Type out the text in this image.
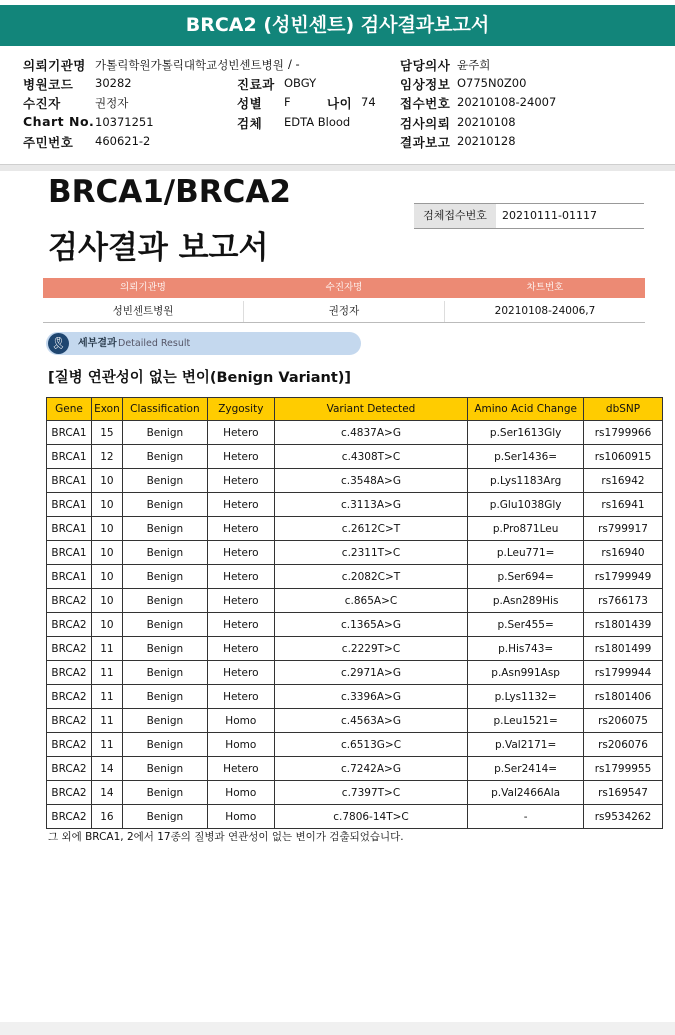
BRCA2 (성빈센트) 검사결과보고서
의뢰기관명 가톨릭학원가톨릭대학교성빈센트병원 / -
병원코드 30282
수진자	권정자
Chart No. 10371251
주민번호 460621-2
진료과 OBGY
성별 F	나이 74
검체 EDTA Blood
담당의사 윤주희
임상정보 O775N0Z00
접수번호 20210108-24007
검사의뢰 20210108
결과보고 20210128
BRCA1/BRCA2
검사결과 보고서
검체접수번호	20210111-01117
의뢰기관명	수진자명	차트번호
성빈센트병원	권정자	20210108-24006,7
🎗︎ 세부결과 Detailed Result
[질병 연관성이 없는 변이(Benign Variant)]
Gene	Exon	Classification	Zygosity	Variant Detected	Amino Acid Change	dbSNP
BRCA1	15	Benign	Hetero	c.4837A>G	p.Ser1613Gly	rs1799966
BRCA1	12	Benign	Hetero	c.4308T>C	p.Ser1436=	rs1060915
BRCA1	10	Benign	Hetero	c.3548A>G	p.Lys1183Arg	rs16942
BRCA1	10	Benign	Hetero	c.3113A>G	p.Glu1038Gly	rs16941
BRCA1	10	Benign	Hetero	c.2612C>T	p.Pro871Leu	rs799917
BRCA1	10	Benign	Hetero	c.2311T>C	p.Leu771=	rs16940
BRCA1	10	Benign	Hetero	c.2082C>T	p.Ser694=	rs1799949
BRCA2	10	Benign	Hetero	c.865A>C	p.Asn289His	rs766173
BRCA2	10	Benign	Hetero	c.1365A>G	p.Ser455=	rs1801439
BRCA2	11	Benign	Hetero	c.2229T>C	p.His743=	rs1801499
BRCA2	11	Benign	Hetero	c.2971A>G	p.Asn991Asp	rs1799944
BRCA2	11	Benign	Hetero	c.3396A>G	p.Lys1132=	rs1801406
BRCA2	11	Benign	Homo	c.4563A>G	p.Leu1521=	rs206075
BRCA2	11	Benign	Homo	c.6513G>C	p.Val2171=	rs206076
BRCA2	14	Benign	Hetero	c.7242A>G	p.Ser2414=	rs1799955
BRCA2	14	Benign	Homo	c.7397T>C	p.Val2466Ala	rs169547
BRCA2	16	Benign	Homo	c.7806-14T>C	-	rs9534262
그 외에 BRCA1, 2에서 17종의 질병과 연관성이 없는 변이가 검출되었습니다.
